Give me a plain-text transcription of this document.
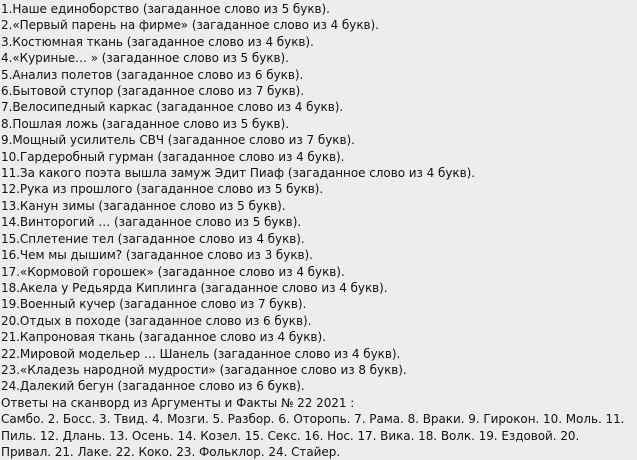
1.Наше единоборство (загаданное слово из 5 букв).
2.«Первый парень на фирме» (загаданное слово из 4 букв).
3.Костюмная ткань (загаданное слово из 4 букв).
4.«Куриные… » (загаданное слово из 5 букв).
5.Анализ полетов (загаданное слово из 6 букв).
6.Бытовой ступор (загаданное слово из 7 букв).
7.Велосипедный каркас (загаданное слово из 4 букв).
8.Пошлая ложь (загаданное слово из 5 букв).
9.Мощный усилитель СВЧ (загаданное слово из 7 букв).
10.Гардеробный гурман (загаданное слово из 4 букв).
11.За какого поэта вышла замуж Эдит Пиаф (загаданное слово из 4 букв).
12.Рука из прошлого (загаданное слово из 5 букв).
13.Канун зимы (загаданное слово из 5 букв).
14.Винторогий … (загаданное слово из 5 букв).
15.Сплетение тел (загаданное слово из 4 букв).
16.Чем мы дышим? (загаданное слово из 3 букв).
17.«Кормовой горошек» (загаданное слово из 4 букв).
18.Акела у Редьярда Киплинга (загаданное слово из 4 букв).
19.Военный кучер (загаданное слово из 7 букв).
20.Отдых в походе (загаданное слово из 6 букв).
21.Капроновая ткань (загаданное слово из 4 букв).
22.Мировой модельер … Шанель (загаданное слово из 4 букв).
23.«Кладезь народной мудрости» (загаданное слово из 8 букв).
24.Далекий бегун (загаданное слово из 6 букв).
Ответы на сканворд из Аргументы и Факты № 22 2021 :
Самбо. 2. Босс. 3. Твид. 4. Мозги. 5. Разбор. 6. Оторопь. 7. Рама. 8. Враки. 9. Гирокон. 10. Моль. 11. Пиль. 12. Длань. 13. Осень. 14. Козел. 15. Секс. 16. Нос. 17. Вика. 18. Волк. 19. Ездовой. 20. Привал. 21. Лаке. 22. Коко. 23. Фольклор. 24. Стайер.
